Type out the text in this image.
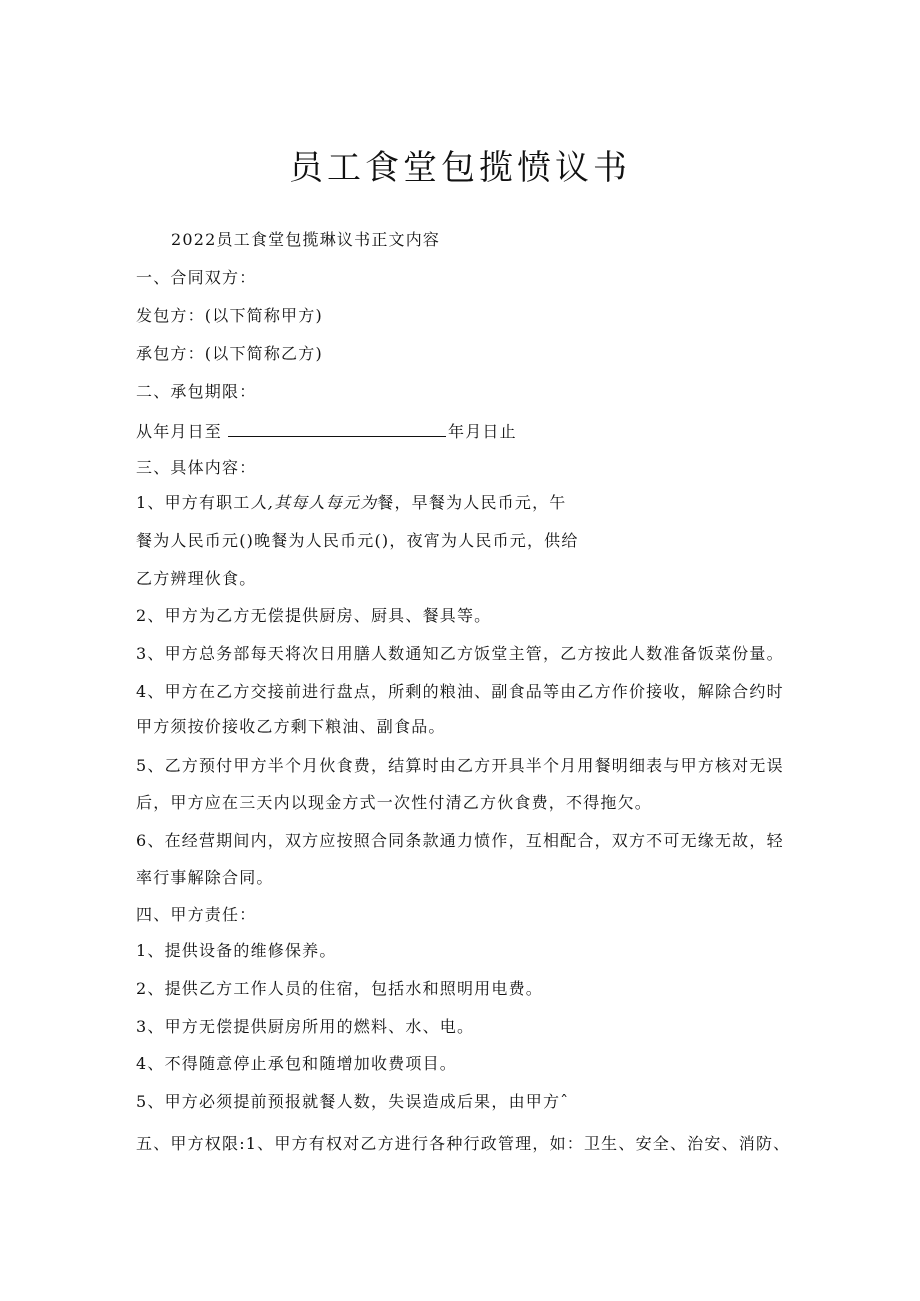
员工食堂包揽愤议书
2022员工食堂包揽琳议书正文内容
一、合同双方：
发包方：(以下简称甲方)
承包方：(以下简称乙方)
二、承包期限：
从年月日至	年月日止
三、具体内容：
1、甲方有职工人,其每人每元为餐，早餐为人民币元，午
餐为人民币元()晚餐为人民币元()，夜宵为人民币元，供给
乙方辨理伙食。
2、甲方为乙方无偿提供厨房、厨具、餐具等。
3、甲方总务部每天将次日用膳人数通知乙方饭堂主管，乙方按此人数准备饭菜份量。
4、甲方在乙方交接前进行盘点，所剩的粮油、副食品等由乙方作价接收，解除合约时
甲方须按价接收乙方剩下粮油、副食品。
5、乙方预付甲方半个月伙食费，结算时由乙方开具半个月用餐明细表与甲方核对无误
后，甲方应在三天内以现金方式一次性付清乙方伙食费，不得拖欠。
6、在经营期间内，双方应按照合同条款通力愤作，互相配合，双方不可无缘无故，轻
率行事解除合同。
四、甲方责任：
1、提供设备的维修保养。
2、提供乙方工作人员的住宿，包括水和照明用电费。
3、甲方无偿提供厨房所用的燃料、水、电。
4、不得随意停止承包和随增加收费项目。
5、甲方必须提前预报就餐人数，失误造成后果，由甲方ˆ
五、甲方权限:1、甲方有权对乙方进行各种行政管理，如：卫生、安全、治安、消防、
